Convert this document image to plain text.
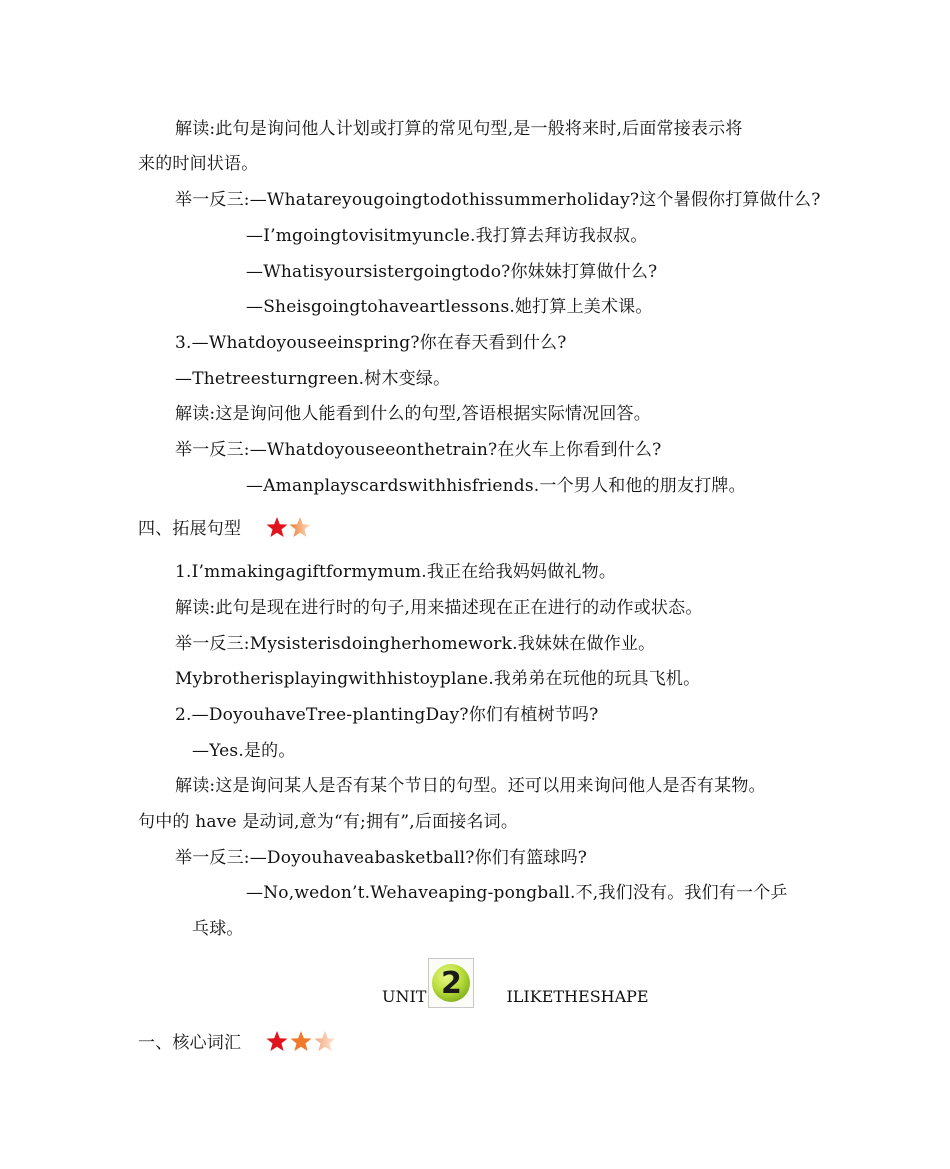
解读:此句是询问他人计划或打算的常见句型,是一般将来时,后面常接表示将
来的时间状语。
举一反三:—Whatareyougoingtodothissummerholiday?这个暑假你打算做什么?
—I’mgoingtovisitmyuncle.我打算去拜访我叔叔。
—Whatisyoursistergoingtodo?你妹妹打算做什么?
—Sheisgoingtohaveartlessons.她打算上美术课。
3.—Whatdoyouseeinspring?你在春天看到什么?
—Thetreesturngreen.树木变绿。
解读:这是询问他人能看到什么的句型,答语根据实际情况回答。
举一反三:—Whatdoyouseeonthetrain?在火车上你看到什么?
—Amanplayscardswithhisfriends.一个男人和他的朋友打牌。
四、拓展句型
1.I’mmakingagiftformymum.我正在给我妈妈做礼物。
解读:此句是现在进行时的句子,用来描述现在正在进行的动作或状态。
举一反三:Mysisterisdoingherhomework.我妹妹在做作业。
Mybrotherisplayingwithhistoyplane.我弟弟在玩他的玩具飞机。
2.—DoyouhaveTree-plantingDay?你们有植树节吗?
—Yes.是的。
解读:这是询问某人是否有某个节日的句型。还可以用来询问他人是否有某物。
句中的 have 是动词,意为“有;拥有”,后面接名词。
举一反三:—Doyouhaveabasketball?你们有篮球吗?
—No,wedon’t.Wehaveaping-pongball.不,我们没有。我们有一个乒
乓球。
UNIT 2	ILIKETHESHAPE
一、核心词汇
